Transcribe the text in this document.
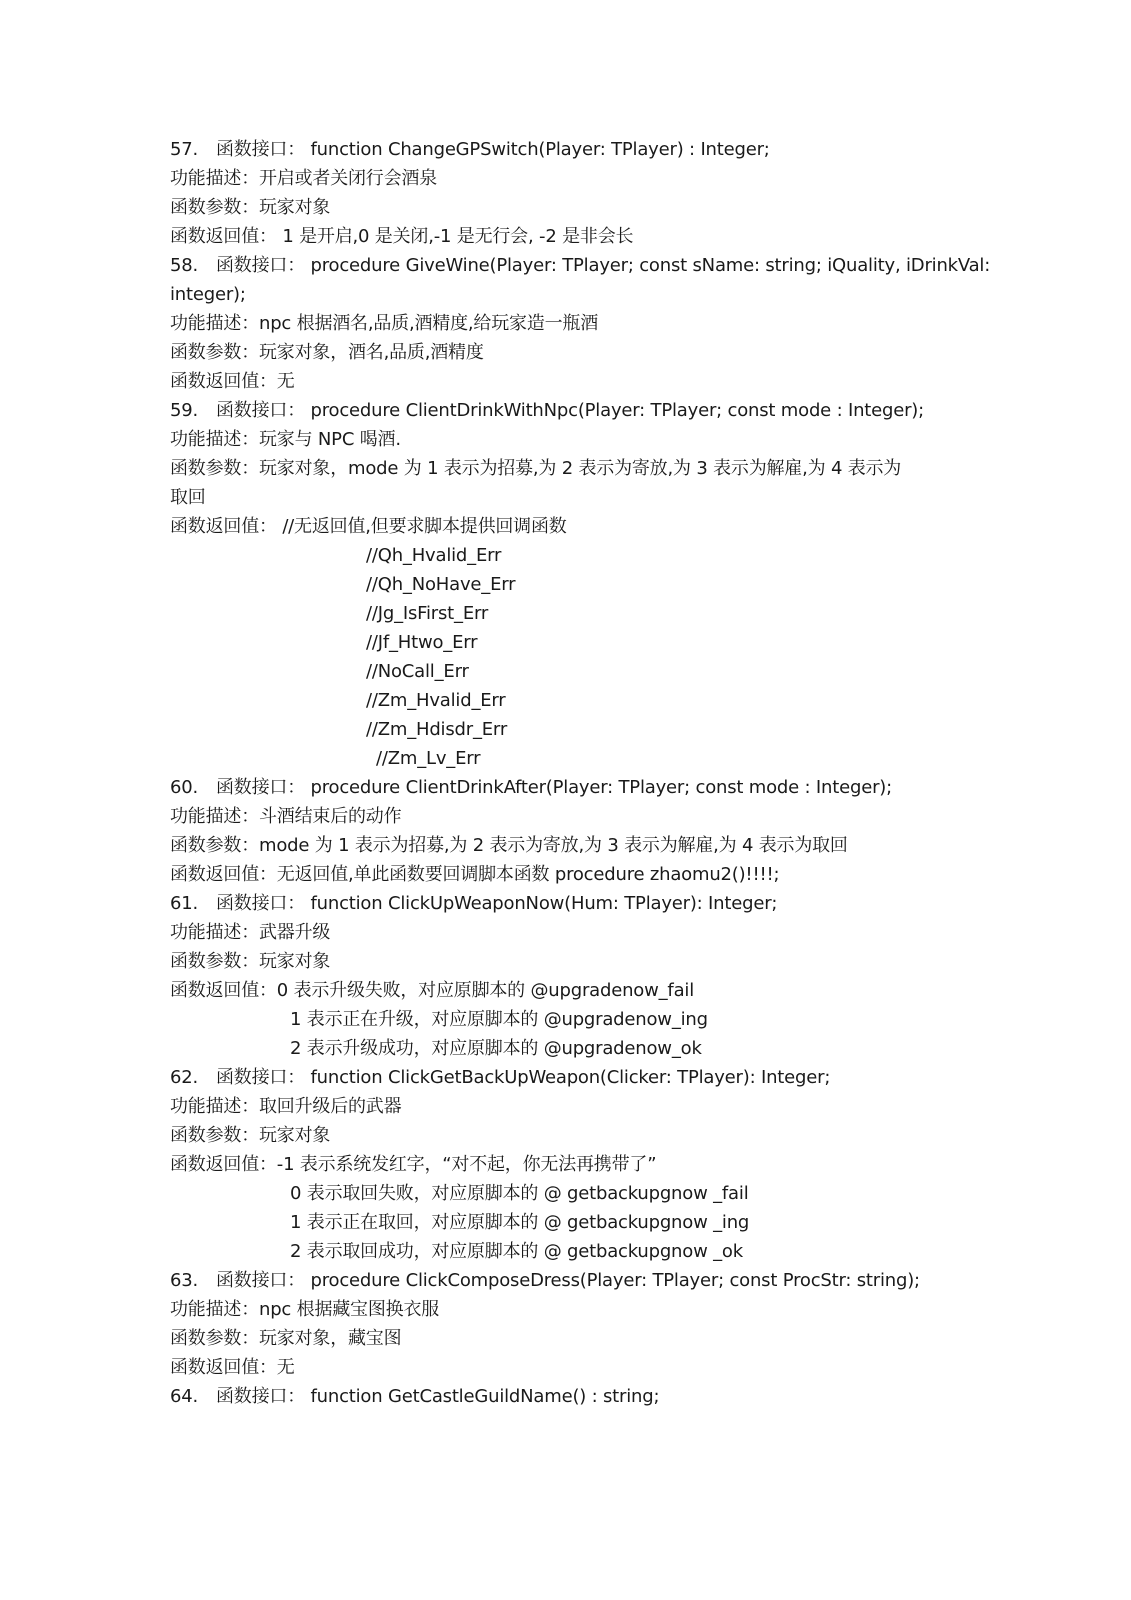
57. 函数接口： function ChangeGPSwitch(Player: TPlayer) : Integer;
功能描述：开启或者关闭行会酒泉
函数参数：玩家对象
函数返回值： 1 是开启,0 是关闭,-1 是无行会, -2 是非会长
58. 函数接口： procedure GiveWine(Player: TPlayer; const sName: string; iQuality, iDrinkVal:
integer);
功能描述：npc 根据酒名,品质,酒精度,给玩家造一瓶酒
函数参数：玩家对象，酒名,品质,酒精度
函数返回值：无
59. 函数接口： procedure ClientDrinkWithNpc(Player: TPlayer; const mode : Integer);
功能描述：玩家与 NPC 喝酒.
函数参数：玩家对象，mode 为 1 表示为招募,为 2 表示为寄放,为 3 表示为解雇,为 4 表示为
取回
函数返回值： //无返回值,但要求脚本提供回调函数
//Qh_Hvalid_Err
//Qh_NoHave_Err
//Jg_IsFirst_Err
//Jf_Htwo_Err
//NoCall_Err
//Zm_Hvalid_Err
//Zm_Hdisdr_Err
//Zm_Lv_Err
60. 函数接口： procedure ClientDrinkAfter(Player: TPlayer; const mode : Integer);
功能描述：斗酒结束后的动作
函数参数：mode 为 1 表示为招募,为 2 表示为寄放,为 3 表示为解雇,为 4 表示为取回
函数返回值：无返回值,单此函数要回调脚本函数 procedure zhaomu2()!!!!;
61. 函数接口： function ClickUpWeaponNow(Hum: TPlayer): Integer;
功能描述：武器升级
函数参数：玩家对象
函数返回值：0 表示升级失败，对应原脚本的 @upgradenow_fail
1 表示正在升级，对应原脚本的 @upgradenow_ing
2 表示升级成功，对应原脚本的 @upgradenow_ok
62. 函数接口： function ClickGetBackUpWeapon(Clicker: TPlayer): Integer;
功能描述：取回升级后的武器
函数参数：玩家对象
函数返回值：-1 表示系统发红字，“对不起，你无法再携带了”
0 表示取回失败，对应原脚本的 @ getbackupgnow _fail
1 表示正在取回，对应原脚本的 @ getbackupgnow _ing
2 表示取回成功，对应原脚本的 @ getbackupgnow _ok
63. 函数接口： procedure ClickComposeDress(Player: TPlayer; const ProcStr: string);
功能描述：npc 根据藏宝图换衣服
函数参数：玩家对象，藏宝图
函数返回值：无
64. 函数接口： function GetCastleGuildName() : string;
